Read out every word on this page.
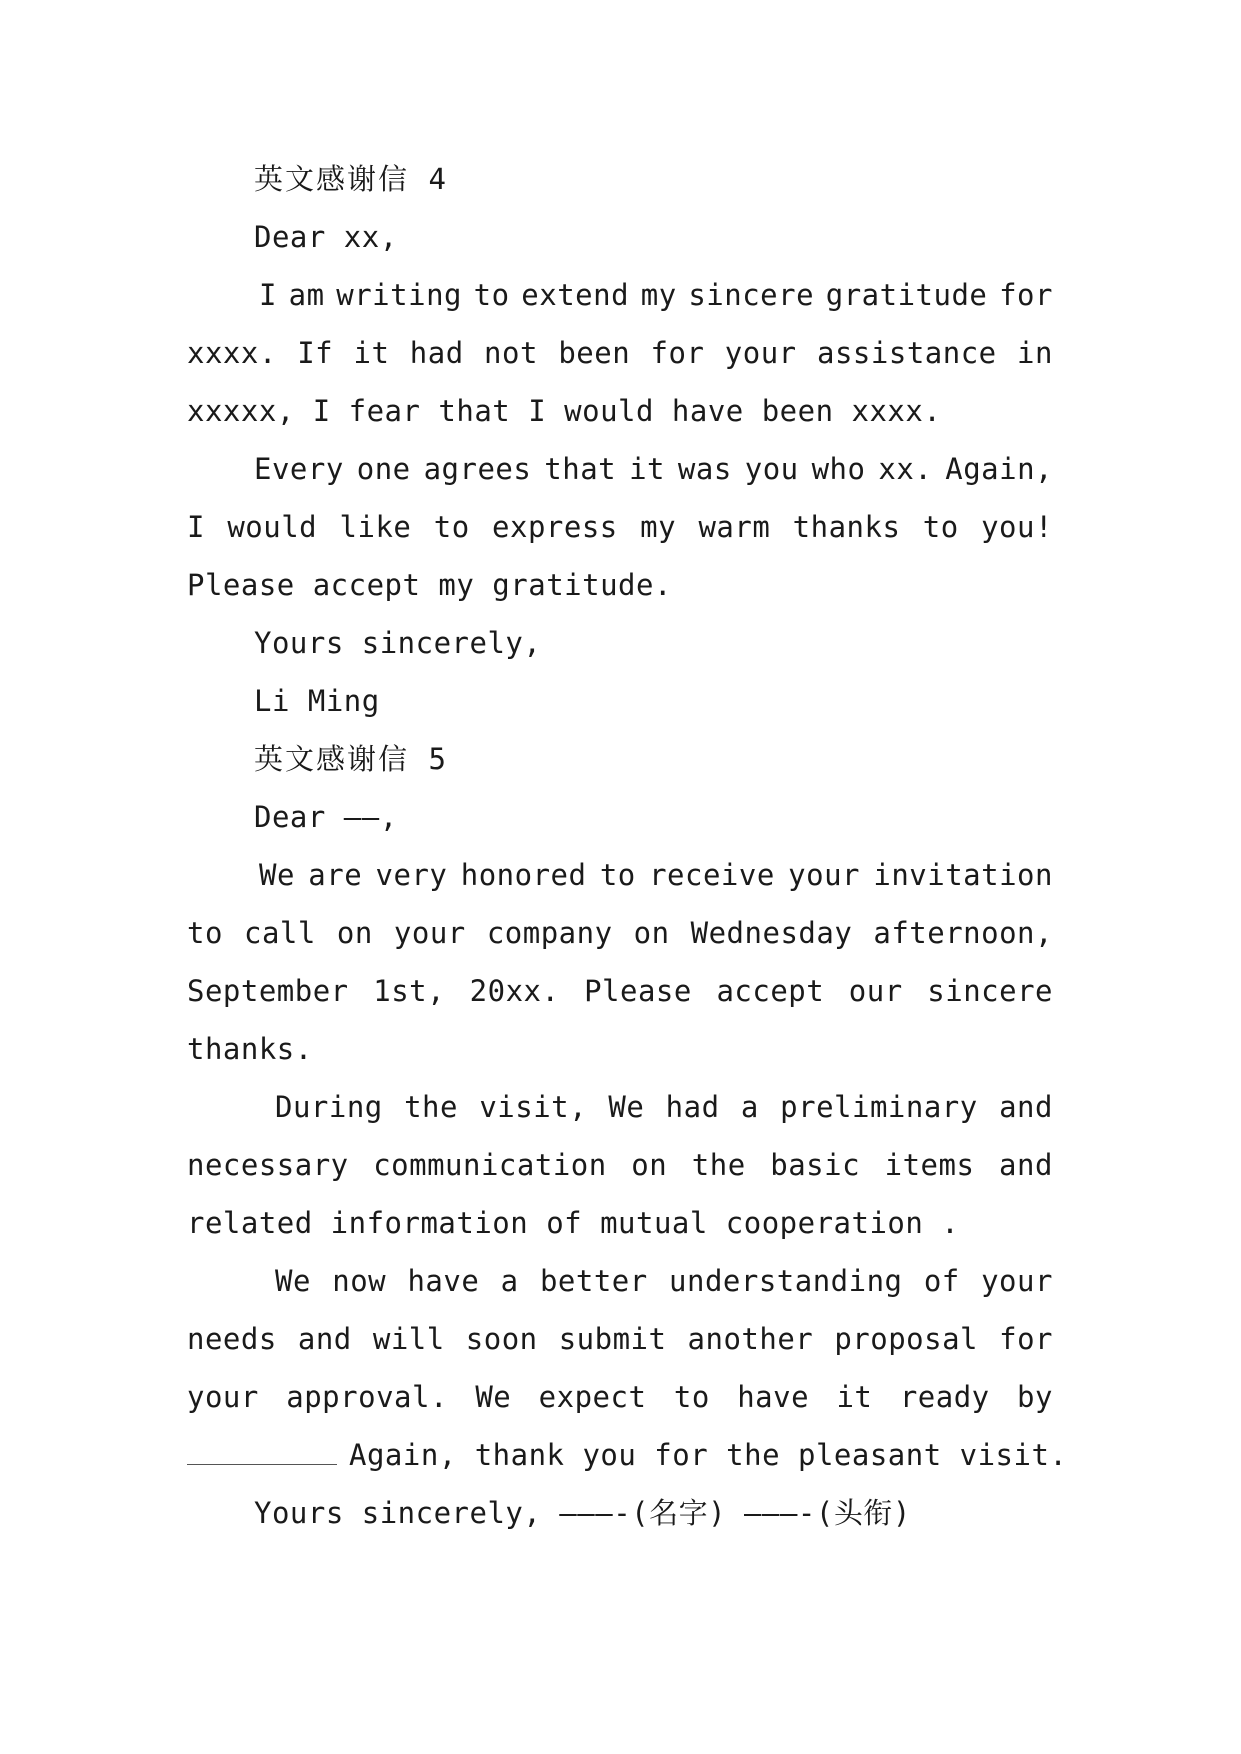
英文感谢信 4
Dear xx,
I am writing to extend my sincere gratitude for
xxxx. If it had not been for your assistance in
xxxxx, I fear that I would have been xxxx.
Every one agrees that it was you who xx. Again,
I would like to express my warm thanks to you!
Please accept my gratitude.
Yours sincerely,
Li Ming
英文感谢信 5
Dear ——,
We are very honored to receive your invitation
to call on your company on Wednesday afternoon,
September 1st, 20xx. Please accept our sincere
thanks.
During the visit, We had a preliminary and
necessary communication on the basic items and
related information of mutual cooperation .
We now have a better understanding of your
needs and will soon submit another proposal for
your approval. We expect to have it ready by
Again, thank you for the pleasant visit.
Yours sincerely, ———-(名字) ———-(头衔)
